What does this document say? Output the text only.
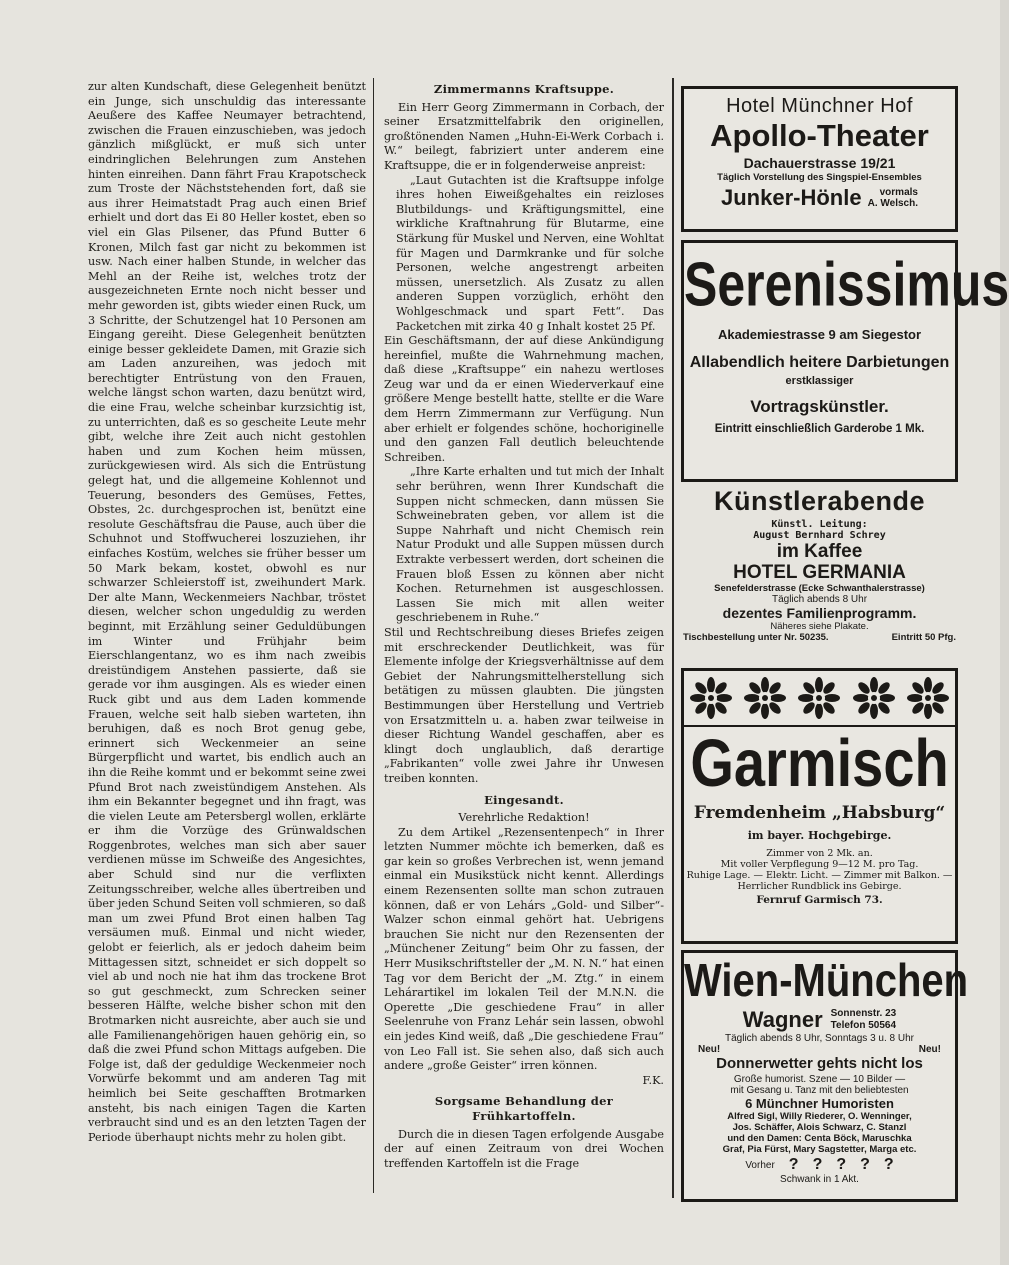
zur alten Kundschaft, diese Gelegenheit benützt ein Junge, sich unschuldig das interessante Aeußere des Kaffee Neumayer betrachtend, zwischen die Frauen einzuschieben, was jedoch gänzlich mißglückt, er muß sich unter eindringlichen Belehrungen zum Anstehen hinten einreihen. Dann fährt Frau Krapotscheck zum Troste der Nächststehenden fort, daß sie aus ihrer Heimatstadt Prag auch einen Brief erhielt und dort das Ei 80 Heller kostet, eben so viel ein Glas Pilsener, das Pfund Butter 6 Kronen, Milch fast gar nicht zu bekommen ist usw. Nach einer halben Stunde, in welcher das Mehl an der Reihe ist, welches trotz der ausgezeichneten Ernte noch nicht besser und mehr geworden ist, gibts wieder einen Ruck, um 3 Schritte, der Schutzengel hat 10 Personen am Eingang gereiht. Diese Gelegenheit benützten einige besser gekleidete Damen, mit Grazie sich am Laden anzureihen, was jedoch mit berechtigter Entrüstung von den Frauen, welche längst schon warten, dazu benützt wird, die eine Frau, welche scheinbar kurzsichtig ist, zu unterrichten, daß es so gescheite Leute mehr gibt, welche ihre Zeit auch nicht gestohlen haben und zum Kochen heim müssen, zurückgewiesen wird. Als sich die Entrüstung gelegt hat, und die allgemeine Kohlennot und Teuerung, besonders des Gemüses, Fettes, Obstes, 2c. durchgesprochen ist, benützt eine resolute Geschäftsfrau die Pause, auch über die Schuhnot und Stoffwucherei loszuziehen, ihr einfaches Kostüm, welches sie früher besser um 50 Mark bekam, kostet, obwohl es nur schwarzer Schleierstoff ist, zweihundert Mark. Der alte Mann, Weckenmeiers Nachbar, tröstet diesen, welcher schon ungeduldig zu werden beginnt, mit Erzählung seiner Geduldübungen im Winter und Frühjahr beim Eierschlangentanz, wo es ihm nach zweibis dreistündigem Anstehen passierte, daß sie gerade vor ihm ausgingen. Als es wieder einen Ruck gibt und aus dem Laden kommende Frauen, welche seit halb sieben warteten, ihn beruhigen, daß es noch Brot genug gebe, erinnert sich Weckenmeier an seine Bürgerpflicht und wartet, bis endlich auch an ihn die Reihe kommt und er bekommt seine zwei Pfund Brot nach zweistündigem Anstehen. Als ihm ein Bekannter begegnet und ihn fragt, was die vielen Leute am Petersbergl wollen, erklärte er ihm die Vorzüge des Grünwaldschen Roggenbrotes, welches man sich aber sauer verdienen müsse im Schweiße des Angesichtes, aber Schuld sind nur die verflixten Zeitungsschreiber, welche alles übertreiben und über jeden Schund Seiten voll schmieren, so daß man um zwei Pfund Brot einen halben Tag versäumen muß. Einmal und nicht wieder, gelobt er feierlich, als er jedoch daheim beim Mittagessen sitzt, schneidet er sich doppelt so viel ab und noch nie hat ihm das trockene Brot so gut geschmeckt, zum Schrecken seiner besseren Hälfte, welche bisher schon mit den Brotmarken nicht ausreichte, aber auch sie und alle Familienangehörigen hauen gehörig ein, so daß die zwei Pfund schon Mittags aufgeben. Die Folge ist, daß der geduldige Weckenmeier noch Vorwürfe bekommt und am anderen Tag mit heimlich bei Seite geschafften Brotmarken ansteht, bis nach einigen Tagen die Karten verbraucht sind und es an den letzten Tagen der Periode überhaupt nichts mehr zu holen gibt.

Zimmermanns Kraftsuppe.

Ein Herr Georg Zimmermann in Corbach, der seiner Ersatzmittelfabrik den originellen, großtönenden Namen „Huhn-Ei-Werk Corbach i. W.“ beilegt, fabriziert unter anderem eine Kraftsuppe, die er in folgenderweise anpreist:

„Laut Gutachten ist die Kraftsuppe infolge ihres hohen Eiweißgehaltes ein reizloses Blutbildungs- und Kräftigungsmittel, eine wirkliche Kraftnahrung für Blutarme, eine Stärkung für Muskel und Nerven, eine Wohltat für Magen und Darmkranke und für solche Personen, welche angestrengt arbeiten müssen, unersetzlich. Als Zusatz zu allen anderen Suppen vorzüglich, erhöht den Wohlgeschmack und spart Fett“. Das Packetchen mit zirka 40 g Inhalt kostet 25 Pf.

Ein Geschäftsmann, der auf diese Ankündigung hereinfiel, mußte die Wahrnehmung machen, daß diese „Kraftsuppe“ ein nahezu wertloses Zeug war und da er einen Wiederverkauf eine größere Menge bestellt hatte, stellte er die Ware dem Herrn Zimmermann zur Verfügung. Nun aber erhielt er folgendes schöne, hochoriginelle und den ganzen Fall deutlich beleuchtende Schreiben.

„Ihre Karte erhalten und tut mich der Inhalt sehr berühren, wenn Ihrer Kundschaft die Suppen nicht schmecken, dann müssen Sie Schweinebraten geben, vor allem ist die Suppe Nahrhaft und nicht Chemisch rein Natur Produkt und alle Suppen müssen durch Extrakte verbessert werden, dort scheinen die Frauen bloß Essen zu können aber nicht Kochen. Returnehmen ist ausgeschlossen. Lassen Sie mich mit allen weiter geschriebenem in Ruhe.“

Stil und Rechtschreibung dieses Briefes zeigen mit erschreckender Deutlichkeit, was für Elemente infolge der Kriegsverhältnisse auf dem Gebiet der Nahrungsmittelherstellung sich betätigen zu müssen glaubten. Die jüngsten Bestimmungen über Herstellung und Vertrieb von Ersatzmitteln u. a. haben zwar teilweise in dieser Richtung Wandel geschaffen, aber es klingt doch unglaublich, daß derartige „Fabrikanten“ volle zwei Jahre ihr Unwesen treiben konnten.

Eingesandt.

Verehrliche Redaktion!

Zu dem Artikel „Rezensentenpech“ in Ihrer letzten Nummer möchte ich bemerken, daß es gar kein so großes Verbrechen ist, wenn jemand einmal ein Musikstück nicht kennt. Allerdings einem Rezensenten sollte man schon zutrauen können, daß er von Lehárs „Gold- und Silber“-Walzer schon einmal gehört hat. Uebrigens brauchen Sie nicht nur den Rezensenten der „Münchener Zeitung“ beim Ohr zu fassen, der Herr Musikschriftsteller der „M. N. N.“ hat einen Tag vor dem Bericht der „M. Ztg.“ in einem Lehárartikel im lokalen Teil der M.N.N. die Operette „Die geschiedene Frau“ in aller Seelenruhe von Franz Lehár sein lassen, obwohl ein jedes Kind weiß, daß „Die geschiedene Frau“ von Leo Fall ist. Sie sehen also, daß sich auch andere „große Geister“ irren können.

F.K.

Sorgsame Behandlung der Frühkartoffeln.

Durch die in diesen Tagen erfolgende Ausgabe der auf einen Zeitraum von drei Wochen treffenden Kartoffeln ist die Frage

Hotel Münchner Hof
Apollo-Theater
Dachauerstrasse 19/21
Täglich Vorstellung des Singspiel-Ensembles
Junker-Hönle vormals
A. Welsch.
Serenissimus
Akademiestrasse 9 am Siegestor
Allabendlich heitere Darbietungen
erstklassiger
Vortragskünstler.
Eintritt einschließlich Garderobe 1 Mk.
Künstlerabende
Künstl. Leitung:
August Bernhard Schrey
im Kaffee
HOTEL GERMANIA
Senefelderstrasse (Ecke Schwanthalerstrasse)
Täglich abends 8 Uhr
dezentes Familienprogramm.
Näheres siehe Plakate.
Tischbestellung unter Nr. 50235.	Eintritt 50 Pfg.
Garmisch
Fremdenheim „Habsburg“
im bayer. Hochgebirge.
Zimmer von 2 Mk. an.
Mit voller Verpflegung 9—12 M. pro Tag.
Ruhige Lage. — Elektr. Licht. — Zimmer mit Balkon. —
Herrlicher Rundblick ins Gebirge.
Fernruf Garmisch 73.
Wien-München
Wagner Sonnenstr. 23
Telefon 50564
Täglich abends 8 Uhr, Sonntags 3 u. 8 Uhr
Neu!	Neu!
Donnerwetter gehts nicht los
Große humorist. Szene — 10 Bilder —
mit Gesang u. Tanz mit den beliebtesten
6 Münchner Humoristen
Alfred Sigl, Willy Riederer, O. Wenninger,
Jos. Schäffer, Alois Schwarz, C. Stanzl
und den Damen: Centa Böck, Maruschka
Graf, Pia Fürst, Mary Sagstetter, Marga etc.
Vorher ? ? ? ? ?
Schwank in 1 Akt.
